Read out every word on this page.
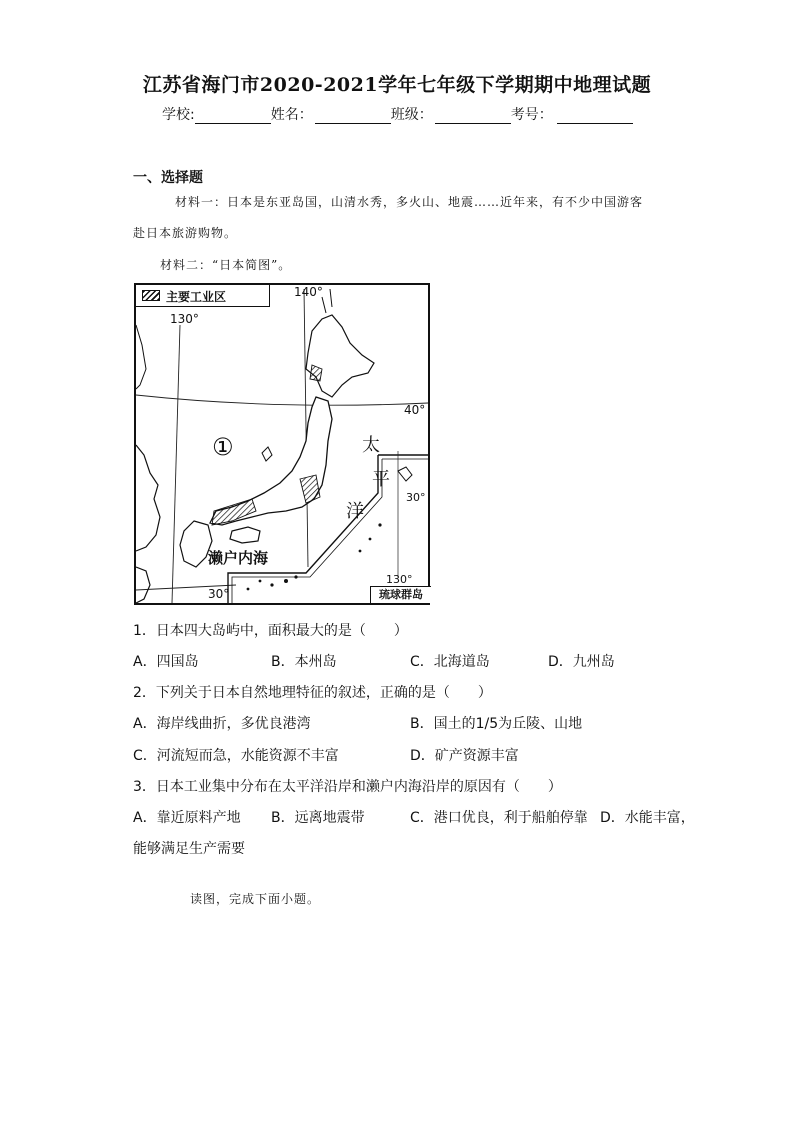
江苏省海门市2020-2021学年七年级下学期期中地理试题
学校:	姓名：	班级：	考号：
一、选择题
材料一：日本是东亚岛国，山清水秀，多火山、地震……近年来，有不少中国游客
赴日本旅游购物。
材料二：“日本简图”。
主要工业区
130°
140°
40°
①	太
平
洋
30°
130°
濑户内海
30°	琉球群岛
1．日本四大岛屿中，面积最大的是（　　）
A．四国岛	B．本州岛	C．北海道岛	D．九州岛
2．下列关于日本自然地理特征的叙述，正确的是（　　）
A．海岸线曲折，多优良港湾	B．国土的1/5为丘陵、山地
C．河流短而急，水能资源不丰富	D．矿产资源丰富
3．日本工业集中分布在太平洋沿岸和濑户内海沿岸的原因有（　　）
A．靠近原料产地 B．远离地震带	C．港口优良，利于船舶停靠 D．水能丰富，
能够满足生产需要
读图，完成下面小题。
